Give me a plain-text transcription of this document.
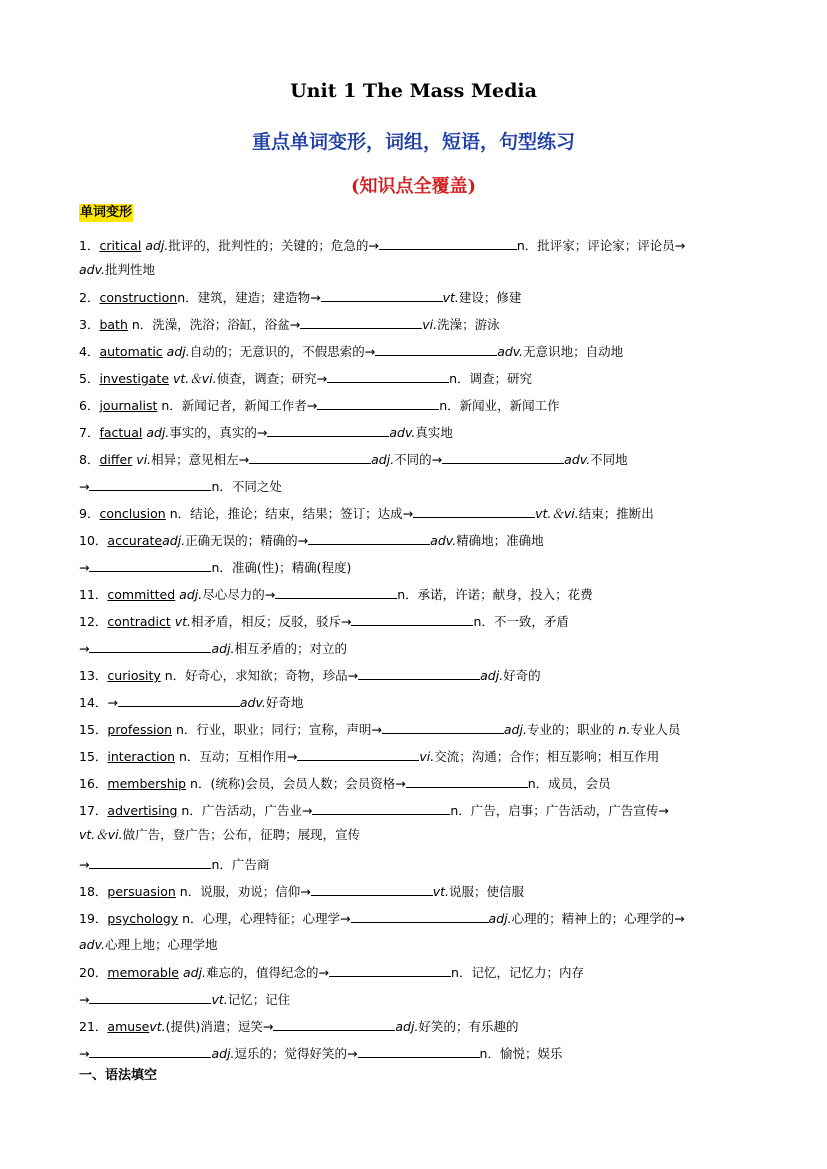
Unit 1 The Mass Media
重点单词变形，词组，短语，句型练习
(知识点全覆盖)
单词变形
1．critical adj.批评的，批判性的；关键的；危急的→	n．批评家；评论家；评论员→
adv.批判性地
2．constructionn．建筑，建造；建造物→	vt.建设；修建
3．bath n．洗澡，洗浴；浴缸，浴盆→	vi.洗澡；游泳
4．automatic adj.自动的；无意识的，不假思索的→	adv.无意识地；自动地
5．investigate vt.＆vi.侦查，调查；研究→	n．调查；研究
6．journalist n．新闻记者，新闻工作者→	n．新闻业，新闻工作
7．factual adj.事实的，真实的→	adv.真实地
8．differ vi.相异；意见相左→	adj.不同的→	adv.不同地
→	n．不同之处
9．conclusion n．结论，推论；结束，结果；签订；达成→	vt.＆vi.结束；推断出
10．accurateadj.正确无误的；精确的→	adv.精确地；准确地
→	n．准确(性)；精确(程度)
11．committed adj.尽心尽力的→	n．承诺，许诺；献身，投入；花费
12．contradict vt.相矛盾，相反；反驳，驳斥→	n．不一致，矛盾
→	adj.相互矛盾的；对立的
13．curiosity n．好奇心，求知欲；奇物，珍品→	adj.好奇的
14．→	adv.好奇地
15．profession n．行业，职业；同行；宣称，声明→	adj.专业的；职业的 n.专业人员
15．interaction n．互动；互相作用→	vi.交流；沟通；合作；相互影响；相互作用
16．membership n．(统称)会员，会员人数；会员资格→	n．成员，会员
17．advertising n．广告活动，广告业→	n．广告，启事；广告活动，广告宣传→
vt.＆vi.做广告，登广告；公布，征聘；展现，宣传
→	n．广告商
18．persuasion n．说服，劝说；信仰→	vt.说服；使信服
19．psychology n．心理，心理特征；心理学→	adj.心理的；精神上的；心理学的→
adv.心理上地；心理学地
20．memorable adj.难忘的，值得纪念的→	n．记忆，记忆力；内存
→	vt.记忆；记住
21．amusevt.(提供)消遣；逗笑→	adj.好笑的；有乐趣的
→	adj.逗乐的；觉得好笑的→	n．愉悦；娱乐
一、语法填空
